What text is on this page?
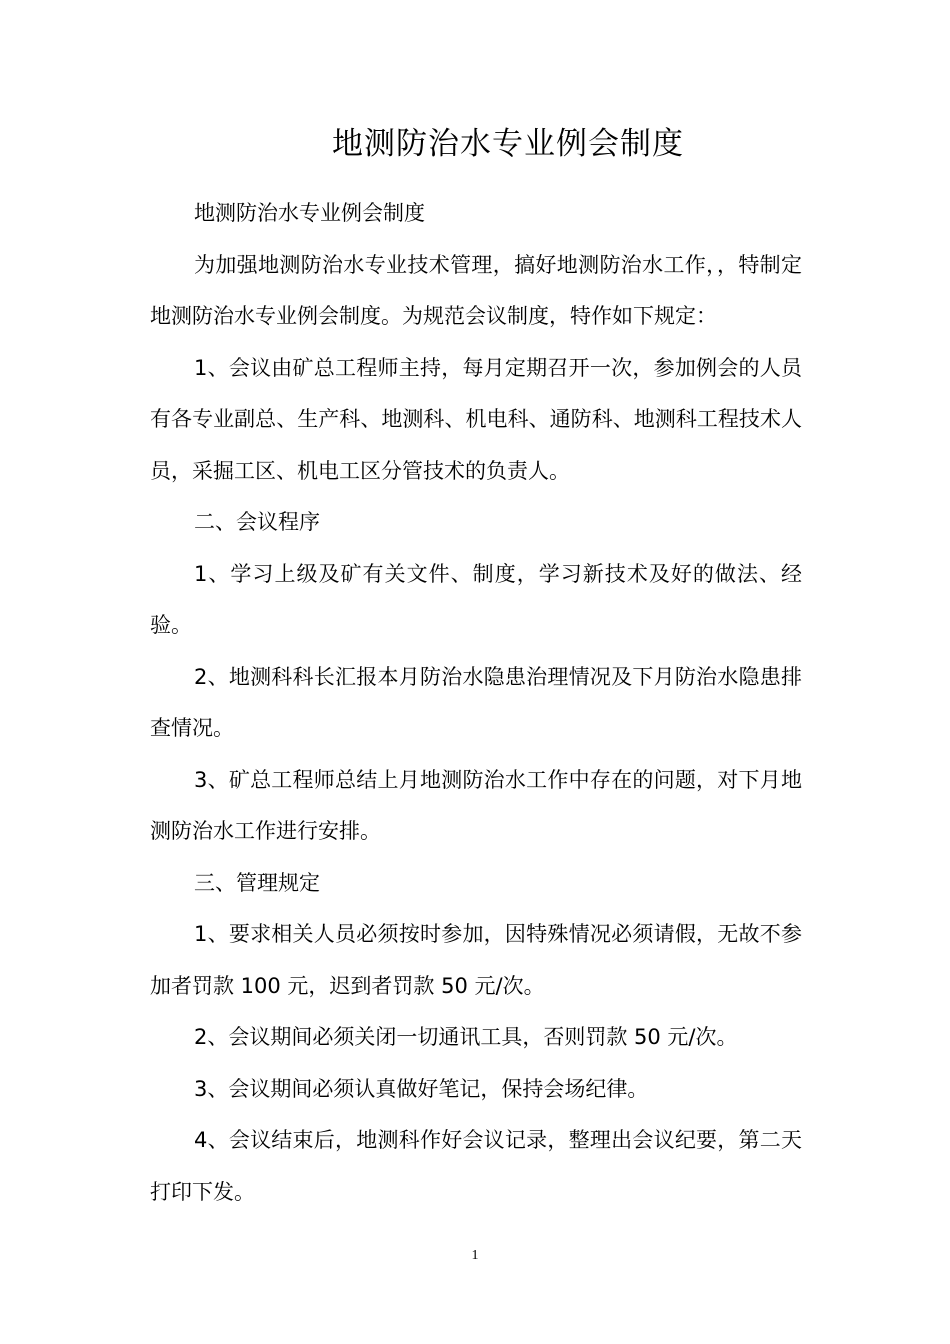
地测防治水专业例会制度

地测防治水专业例会制度

为加强地测防治水专业技术管理，搞好地测防治水工作，，特制定地测防治水专业例会制度。为规范会议制度，特作如下规定：

1、会议由矿总工程师主持，每月定期召开一次，参加例会的人员有各专业副总、生产科、地测科、机电科、通防科、地测科工程技术人员，采掘工区、机电工区分管技术的负责人。

二、会议程序

1、学习上级及矿有关文件、制度，学习新技术及好的做法、经验。

2、地测科科长汇报本月防治水隐患治理情况及下月防治水隐患排查情况。

3、矿总工程师总结上月地测防治水工作中存在的问题，对下月地测防治水工作进行安排。

三、管理规定

1、要求相关人员必须按时参加，因特殊情况必须请假，无故不参加者罚款 100 元，迟到者罚款 50 元/次。

2、会议期间必须关闭一切通讯工具，否则罚款 50 元/次。

3、会议期间必须认真做好笔记，保持会场纪律。

4、会议结束后，地测科作好会议记录，整理出会议纪要，第二天打印下发。

1
